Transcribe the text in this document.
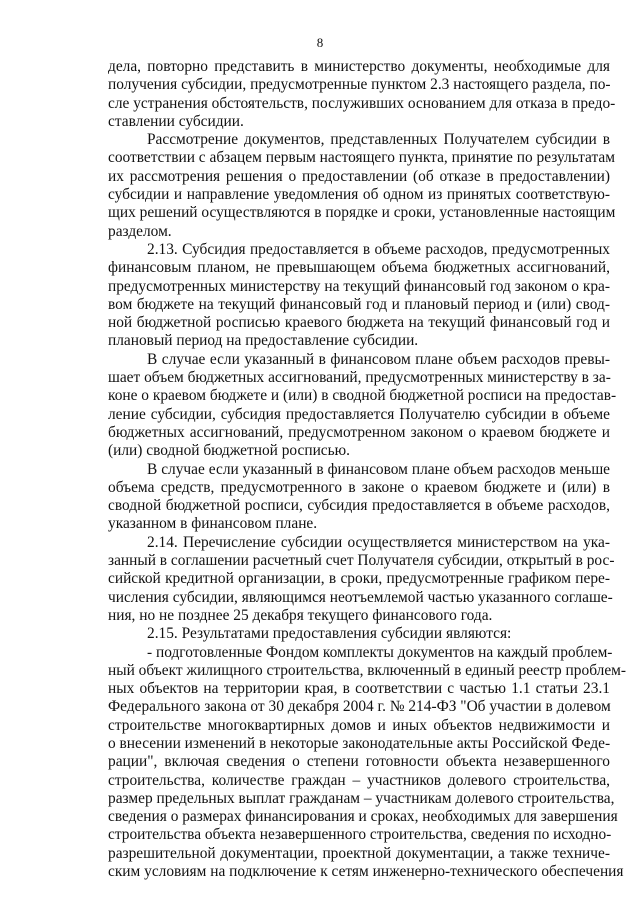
8
дела, повторно представить в министерство документы, необходимые для
получения субсидии, предусмотренные пунктом 2.3 настоящего раздела, по-
сле устранения обстоятельств, послуживших основанием для отказа в предо-
ставлении субсидии.
Рассмотрение документов, представленных Получателем субсидии в
соответствии с абзацем первым настоящего пункта, принятие по результатам
их рассмотрения решения о предоставлении (об отказе в предоставлении)
субсидии и направление уведомления об одном из принятых соответствую-
щих решений осуществляются в порядке и сроки, установленные настоящим
разделом.
2.13. Субсидия предоставляется в объеме расходов, предусмотренных
финансовым планом, не превышающем объема бюджетных ассигнований,
предусмотренных министерству на текущий финансовый год законом о кра-
вом бюджете на текущий финансовый год и плановый период и (или) свод-
ной бюджетной росписью краевого бюджета на текущий финансовый год и
плановый период на предоставление субсидии.
В случае если указанный в финансовом плане объем расходов превы-
шает объем бюджетных ассигнований, предусмотренных министерству в за-
коне о краевом бюджете и (или) в сводной бюджетной росписи на предостав-
ление субсидии, субсидия предоставляется Получателю субсидии в объеме
бюджетных ассигнований, предусмотренном законом о краевом бюджете и
(или) сводной бюджетной росписью.
В случае если указанный в финансовом плане объем расходов меньше
объема средств, предусмотренного в законе о краевом бюджете и (или) в
сводной бюджетной росписи, субсидия предоставляется в объеме расходов,
указанном в финансовом плане.
2.14. Перечисление субсидии осуществляется министерством на ука-
занный в соглашении расчетный счет Получателя субсидии, открытый в рос-
сийской кредитной организации, в сроки, предусмотренные графиком пере-
числения субсидии, являющимся неотъемлемой частью указанного соглаше-
ния, но не позднее 25 декабря текущего финансового года.
2.15. Результатами предоставления субсидии являются:
- подготовленные Фондом комплекты документов на каждый проблем-
ный объект жилищного строительства, включенный в единый реестр проблем-
ных объектов на территории края, в соответствии с частью 1.1 статьи 23.1
Федерального закона от 30 декабря 2004 г. № 214-ФЗ "Об участии в долевом
строительстве многоквартирных домов и иных объектов недвижимости и
о внесении изменений в некоторые законодательные акты Российской Феде-
рации", включая сведения о степени готовности объекта незавершенного
строительства, количестве граждан – участников долевого строительства,
размер предельных выплат гражданам – участникам долевого строительства,
сведения о размерах финансирования и сроках, необходимых для завершения
строительства объекта незавершенного строительства, сведения по исходно-
разрешительной документации, проектной документации, а также техниче-
ским условиям на подключение к сетям инженерно-технического обеспечения
